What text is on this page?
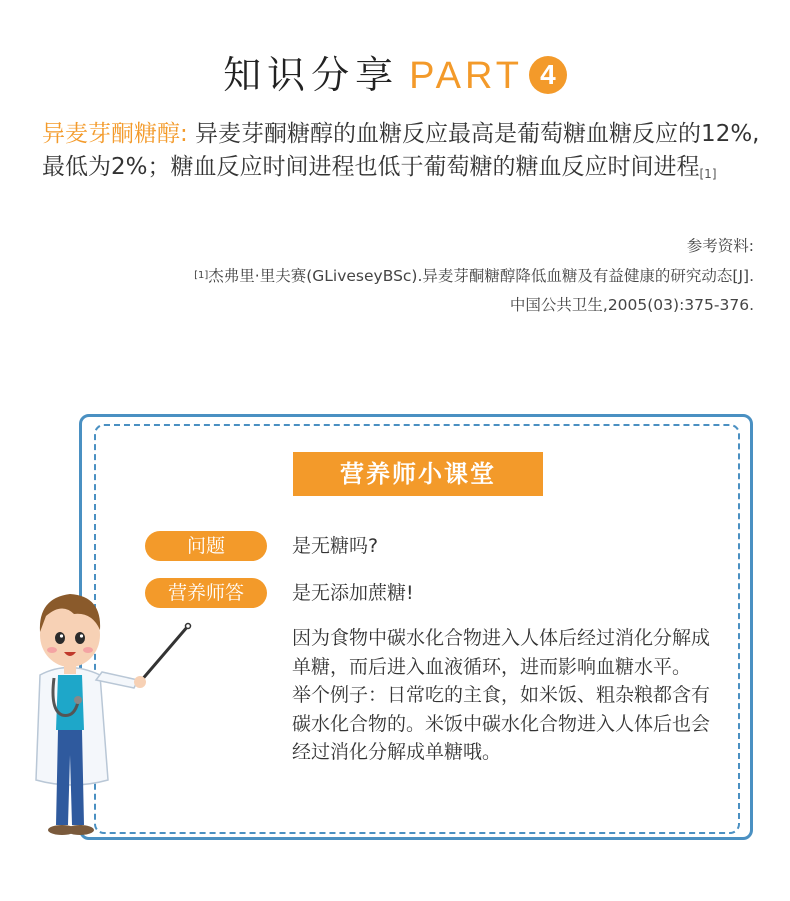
知识分享 PART 4
异麦芽酮糖醇: 异麦芽酮糖醇的血糖反应最高是葡萄糖血糖反应的12%,最低为2%；糖血反应时间进程也低于葡萄糖的糖血反应时间进程$_{[1]}$
参考资料:
[1]杰弗里·里夫赛(GLiveseyBSc).异麦芽酮糖醇降低血糖及有益健康的研究动态[J].
中国公共卫生,2005(03):375-376.
营养师小课堂
问题	是无糖吗?
营养师答	是无添加蔗糖!

因为食物中碳水化合物进入人体后经过消化分解成单糖，而后进入血液循环，进而影响血糖水平。

举个例子：日常吃的主食，如米饭、粗杂粮都含有碳水化合物的。米饭中碳水化合物进入人体后也会经过消化分解成单糖哦。
